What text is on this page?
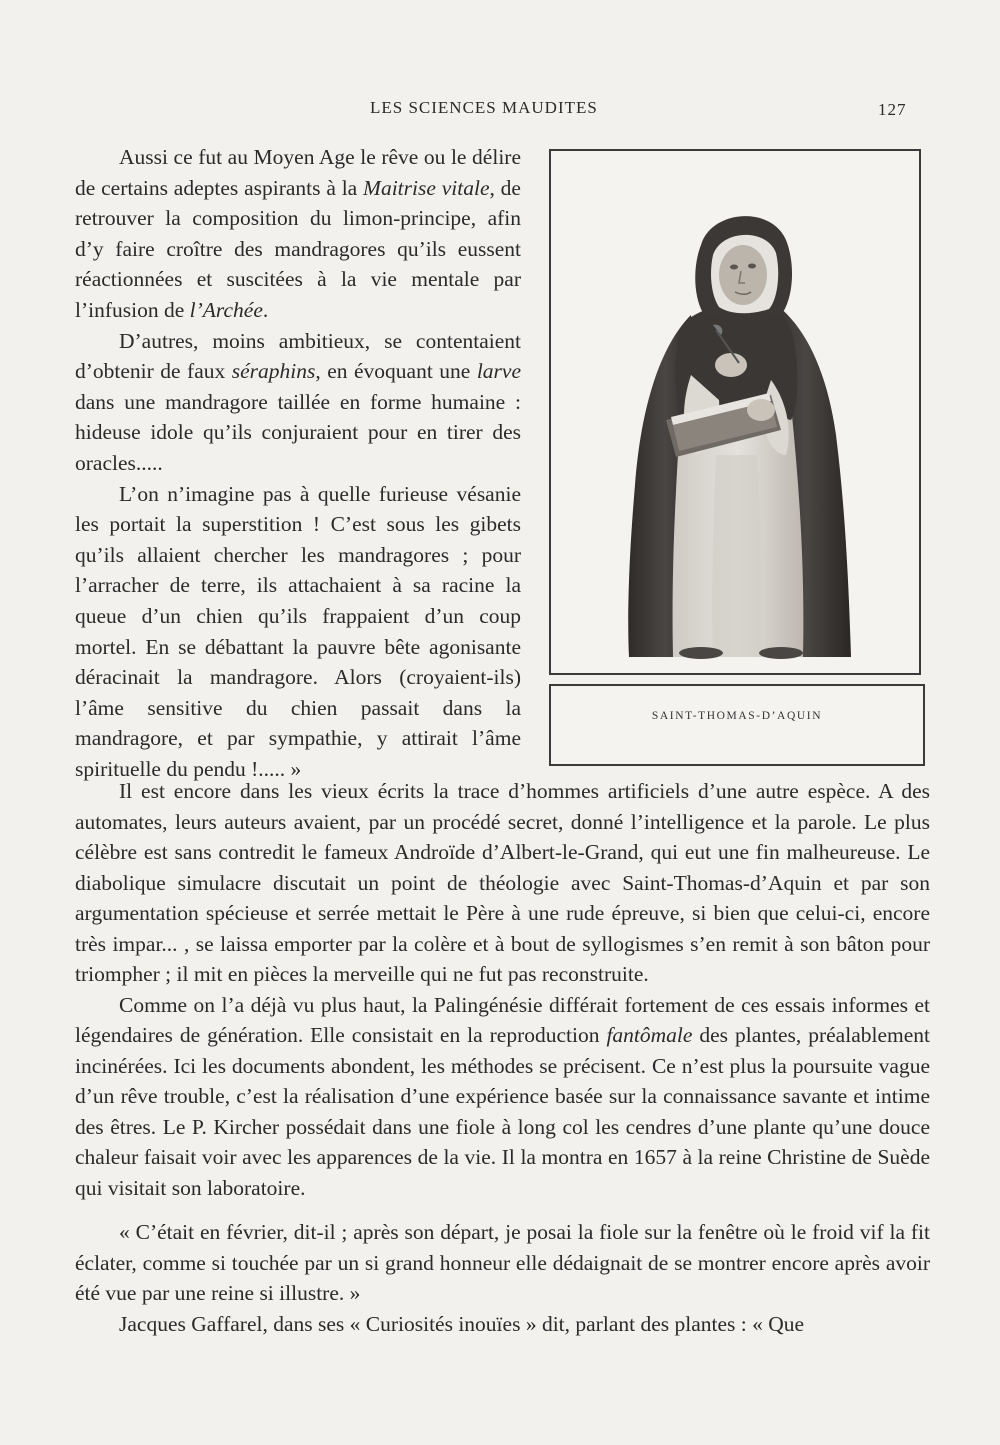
LES SCIENCES MAUDITES	127

Aussi ce fut au Moyen Age le rêve ou le délire de certains adeptes aspirants à la Maitrise vitale, de retrouver la composition du limon-principe, afin d’y faire croître des mandragores qu’ils eussent réactionnées et suscitées à la vie mentale par l’infusion de l’Archée.

D’autres, moins ambitieux, se contentaient d’obtenir de faux séraphins, en évoquant une larve dans une mandragore taillée en forme humaine : hideuse idole qu’ils conjuraient pour en tirer des oracles.....

L’on n’imagine pas à quelle furieuse vésanie les portait la superstition ! C’est sous les gibets qu’ils allaient chercher les mandragores ; pour l’arracher de terre, ils attachaient à sa racine la queue d’un chien qu’ils frappaient d’un coup mortel. En se débattant la pauvre bête agonisante déracinait la mandragore. Alors (croyaient-ils) l’âme sensitive du chien passait dans la mandragore, et par sympathie, y attirait l’âme spirituelle du pendu !..... »

SAINT-THOMAS-D’AQUIN

Il est encore dans les vieux écrits la trace d’hommes artificiels d’une autre espèce. A des automates, leurs auteurs avaient, par un procédé secret, donné l’intelligence et la parole. Le plus célèbre est sans contredit le fameux Androïde d’Albert-le-Grand, qui eut une fin malheureuse. Le diabolique simulacre discutait un point de théologie avec Saint-Thomas-d’Aquin et par son argumentation spécieuse et serrée mettait le Père à une rude épreuve, si bien que celui-ci, encore très impar... , se laissa emporter par la colère et à bout de syllogismes s’en remit à son bâton pour triompher ; il mit en pièces la merveille qui ne fut pas reconstruite.

Comme on l’a déjà vu plus haut, la Palingénésie différait fortement de ces essais informes et légendaires de génération. Elle consistait en la reproduction fantômale des plantes, préalablement incinérées. Ici les documents abondent, les méthodes se précisent. Ce n’est plus la poursuite vague d’un rêve trouble, c’est la réalisation d’une expérience basée sur la connaissance savante et intime des êtres. Le P. Kircher possédait dans une fiole à long col les cendres d’une plante qu’une douce chaleur faisait voir avec les apparences de la vie. Il la montra en 1657 à la reine Christine de Suède qui visitait son laboratoire.

« C’était en février, dit-il ; après son départ, je posai la fiole sur la fenêtre où le froid vif la fit éclater, comme si touchée par un si grand honneur elle dédaignait de se montrer encore après avoir été vue par une reine si illustre. »

Jacques Gaffarel, dans ses « Curiosités inouïes » dit, parlant des plantes : « Que
